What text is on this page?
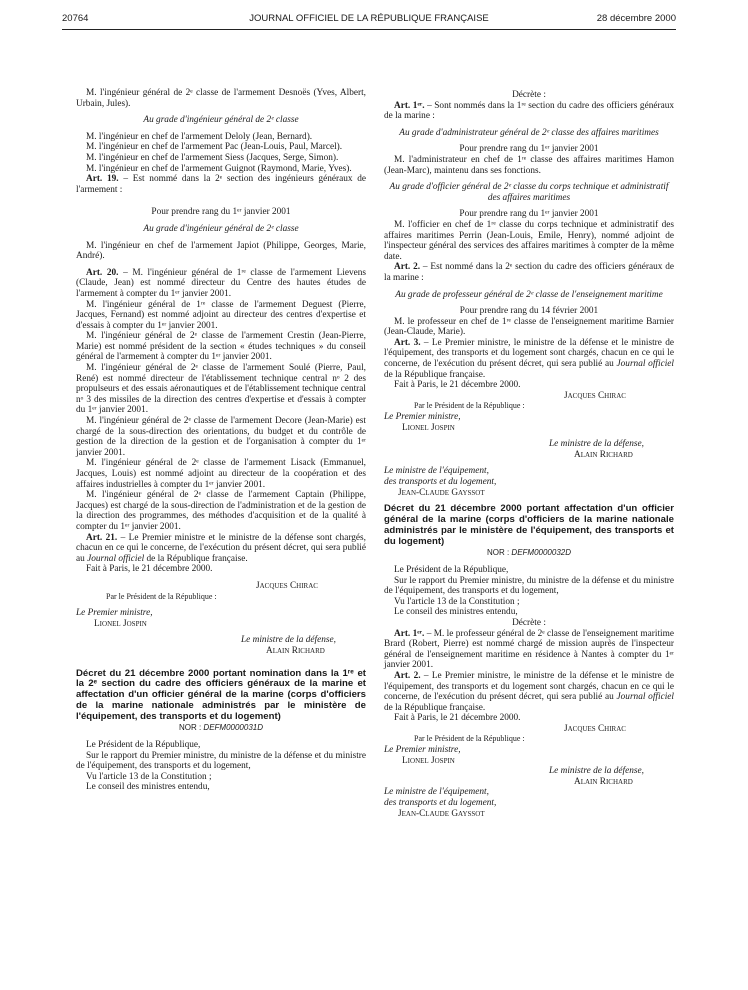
20764	JOURNAL OFFICIEL DE LA RÉPUBLIQUE FRANÇAISE	28 décembre 2000

M. l'ingénieur général de 2ᵉ classe de l'armement Desnoës (Yves, Albert, Urbain, Jules).

Au grade d'ingénieur général de 2ᵉ classe

M. l'ingénieur en chef de l'armement Deloly (Jean, Bernard).

M. l'ingénieur en chef de l'armement Pac (Jean-Louis, Paul, Marcel).

M. l'ingénieur en chef de l'armement Siess (Jacques, Serge, Simon).

M. l'ingénieur en chef de l'armement Guignot (Raymond, Marie, Yves).

Art. 19. – Est nommé dans la 2ᵉ section des ingénieurs généraux de l'armement :

Pour prendre rang du 1ᵉʳ janvier 2001

Au grade d'ingénieur général de 2ᵉ classe

M. l'ingénieur en chef de l'armement Japiot (Philippe, Georges, Marie, André).

Art. 20. – M. l'ingénieur général de 1ʳᵉ classe de l'armement Lievens (Claude, Jean) est nommé directeur du Centre des hautes études de l'armement à compter du 1ᵉʳ janvier 2001.

M. l'ingénieur général de 1ʳᵉ classe de l'armement Deguest (Pierre, Jacques, Fernand) est nommé adjoint au directeur des centres d'expertise et d'essais à compter du 1ᵉʳ janvier 2001.

M. l'ingénieur général de 2ᵉ classe de l'armement Crestin (Jean-Pierre, Marie) est nommé président de la section « études techniques » du conseil général de l'armement à compter du 1ᵉʳ janvier 2001.

M. l'ingénieur général de 2ᵉ classe de l'armement Soulé (Pierre, Paul, René) est nommé directeur de l'établissement technique central nᵒ 2 des propulseurs et des essais aéronautiques et de l'établissement technique central nᵒ 3 des missiles de la direction des centres d'expertise et d'essais à compter du 1ᵉʳ janvier 2001.

M. l'ingénieur général de 2ᵉ classe de l'armement Decore (Jean-Marie) est chargé de la sous-direction des orientations, du budget et du contrôle de gestion de la direction de la gestion et de l'organisation à compter du 1ᵉʳ janvier 2001.

M. l'ingénieur général de 2ᵉ classe de l'armement Lisack (Emmanuel, Jacques, Louis) est nommé adjoint au directeur de la coopération et des affaires industrielles à compter du 1ᵉʳ janvier 2001.

M. l'ingénieur général de 2ᵉ classe de l'armement Captain (Philippe, Jacques) est chargé de la sous-direction de l'administration et de la gestion de la direction des programmes, des méthodes d'acquisition et de la qualité à compter du 1ᵉʳ janvier 2001.

Art. 21. – Le Premier ministre et le ministre de la défense sont chargés, chacun en ce qui le concerne, de l'exécution du présent décret, qui sera publié au Journal officiel de la République française.

Fait à Paris, le 21 décembre 2000.

Jacques Chirac

Par le Président de la République :

Le Premier ministre,

Lionel Jospin

Le ministre de la défense,

Alain Richard

Décret du 21 décembre 2000 portant nomination dans la 1ʳᵉ et la 2ᵉ section du cadre des officiers généraux de la marine et affectation d'un officier général de la marine (corps d'officiers de la marine nationale administrés par le ministère de l'équipement, des transports et du logement)

NOR : DEFM0000031D

Le Président de la République,

Sur le rapport du Premier ministre, du ministre de la défense et du ministre de l'équipement, des transports et du logement,

Vu l'article 13 de la Constitution ;

Le conseil des ministres entendu,

Décrète :

Art. 1ᵉʳ. – Sont nommés dans la 1ʳᵉ section du cadre des officiers généraux de la marine :

Au grade d'administrateur général de 2ᵉ classe des affaires maritimes

Pour prendre rang du 1ᵉʳ janvier 2001

M. l'administrateur en chef de 1ʳᵉ classe des affaires maritimes Hamon (Jean-Marc), maintenu dans ses fonctions.

Au grade d'officier général de 2ᵉ classe du corps technique et administratif des affaires maritimes

Pour prendre rang du 1ᵉʳ janvier 2001

M. l'officier en chef de 1ʳᵉ classe du corps technique et administratif des affaires maritimes Perrin (Jean-Louis, Emile, Henry), nommé adjoint de l'inspecteur général des services des affaires maritimes à compter de la même date.

Art. 2. – Est nommé dans la 2ᵉ section du cadre des officiers généraux de la marine :

Au grade de professeur général de 2ᵉ classe de l'enseignement maritime

Pour prendre rang du 14 février 2001

M. le professeur en chef de 1ʳᵉ classe de l'enseignement maritime Barnier (Jean-Claude, Marie).

Art. 3. – Le Premier ministre, le ministre de la défense et le ministre de l'équipement, des transports et du logement sont chargés, chacun en ce qui le concerne, de l'exécution du présent décret, qui sera publié au Journal officiel de la République française.

Fait à Paris, le 21 décembre 2000.

Jacques Chirac

Par le Président de la République :

Le Premier ministre,

Lionel Jospin

Le ministre de la défense,

Alain Richard

Le ministre de l'équipement,

des transports et du logement,

Jean-Claude Gayssot

Décret du 21 décembre 2000 portant affectation d'un officier général de la marine (corps d'officiers de la marine nationale administrés par le ministère de l'équipement, des transports et du logement)

NOR : DEFM0000032D

Le Président de la République,

Sur le rapport du Premier ministre, du ministre de la défense et du ministre de l'équipement, des transports et du logement,

Vu l'article 13 de la Constitution ;

Le conseil des ministres entendu,

Décrète :

Art. 1ᵉʳ. – M. le professeur général de 2ᵉ classe de l'enseignement maritime Brard (Robert, Pierre) est nommé chargé de mission auprès de l'inspecteur général de l'enseignement maritime en résidence à Nantes à compter du 1ᵉʳ janvier 2001.

Art. 2. – Le Premier ministre, le ministre de la défense et le ministre de l'équipement, des transports et du logement sont chargés, chacun en ce qui le concerne, de l'exécution du présent décret, qui sera publié au Journal officiel de la République française.

Fait à Paris, le 21 décembre 2000.

Jacques Chirac

Par le Président de la République :

Le Premier ministre,

Lionel Jospin

Le ministre de la défense,

Alain Richard

Le ministre de l'équipement,

des transports et du logement,

Jean-Claude Gayssot
